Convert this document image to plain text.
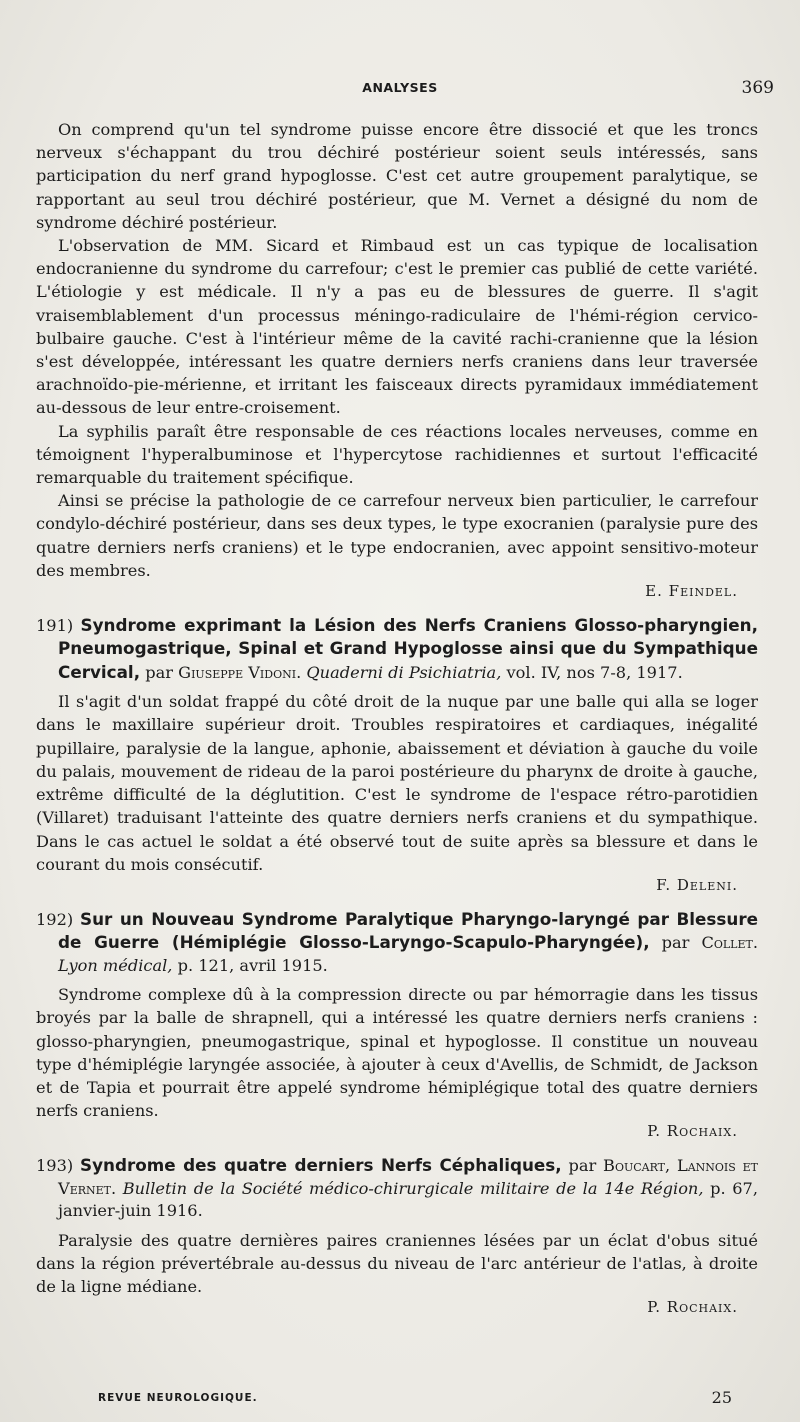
ANALYSES	369

On comprend qu'un tel syndrome puisse encore être dissocié et que les troncs nerveux s'échappant du trou déchiré postérieur soient seuls intéressés, sans participation du nerf grand hypoglosse. C'est cet autre groupement paralytique, se rapportant au seul trou déchiré postérieur, que M. Vernet a désigné du nom de syndrome déchiré postérieur.

L'observation de MM. Sicard et Rimbaud est un cas typique de localisation endocranienne du syndrome du carrefour; c'est le premier cas publié de cette variété. L'étiologie y est médicale. Il n'y a pas eu de blessures de guerre. Il s'agit vraisemblablement d'un processus méningo-radiculaire de l'hémi-région cervico-bulbaire gauche. C'est à l'intérieur même de la cavité rachi-cranienne que la lésion s'est développée, intéressant les quatre derniers nerfs craniens dans leur traversée arachnoïdo-pie-mérienne, et irritant les faisceaux directs pyramidaux immédiatement au-dessous de leur entre-croisement.

La syphilis paraît être responsable de ces réactions locales nerveuses, comme en témoignent l'hyperalbuminose et l'hypercytose rachidiennes et surtout l'efficacité remarquable du traitement spécifique.

Ainsi se précise la pathologie de ce carrefour nerveux bien particulier, le carrefour condylo-déchiré postérieur, dans ses deux types, le type exocranien (paralysie pure des quatre derniers nerfs craniens) et le type endocranien, avec appoint sensitivo-moteur des membres.

E. Feindel.
191) Syndrome exprimant la Lésion des Nerfs Craniens Glosso-pharyngien, Pneumogastrique, Spinal et Grand Hypoglosse ainsi que du Sympathique Cervical, par Giuseppe Vidoni. Quaderni di Psichiatria, vol. IV, nos 7-8, 1917.

Il s'agit d'un soldat frappé du côté droit de la nuque par une balle qui alla se loger dans le maxillaire supérieur droit. Troubles respiratoires et cardiaques, inégalité pupillaire, paralysie de la langue, aphonie, abaissement et déviation à gauche du voile du palais, mouvement de rideau de la paroi postérieure du pharynx de droite à gauche, extrême difficulté de la déglutition. C'est le syndrome de l'espace rétro-parotidien (Villaret) traduisant l'atteinte des quatre derniers nerfs craniens et du sympathique. Dans le cas actuel le soldat a été observé tout de suite après sa blessure et dans le courant du mois consécutif.

F. Deleni.
192) Sur un Nouveau Syndrome Paralytique Pharyngo-laryngé par Blessure de Guerre (Hémiplégie Glosso-Laryngo-Scapulo-Pharyngée), par Collet. Lyon médical, p. 121, avril 1915.

Syndrome complexe dû à la compression directe ou par hémorragie dans les tissus broyés par la balle de shrapnell, qui a intéressé les quatre derniers nerfs craniens : glosso-pharyngien, pneumogastrique, spinal et hypoglosse. Il constitue un nouveau type d'hémiplégie laryngée associée, à ajouter à ceux d'Avellis, de Schmidt, de Jackson et de Tapia et pourrait être appelé syndrome hémiplégique total des quatre derniers nerfs craniens.

P. Rochaix.
193) Syndrome des quatre derniers Nerfs Céphaliques, par Boucart, Lannois et Vernet. Bulletin de la Société médico-chirurgicale militaire de la 14e Région, p. 67, janvier-juin 1916.

Paralysie des quatre dernières paires craniennes lésées par un éclat d'obus situé dans la région prévertébrale au-dessus du niveau de l'arc antérieur de l'atlas, à droite de la ligne médiane.

P. Rochaix.
REVUE NEUROLOGIQUE.	25
